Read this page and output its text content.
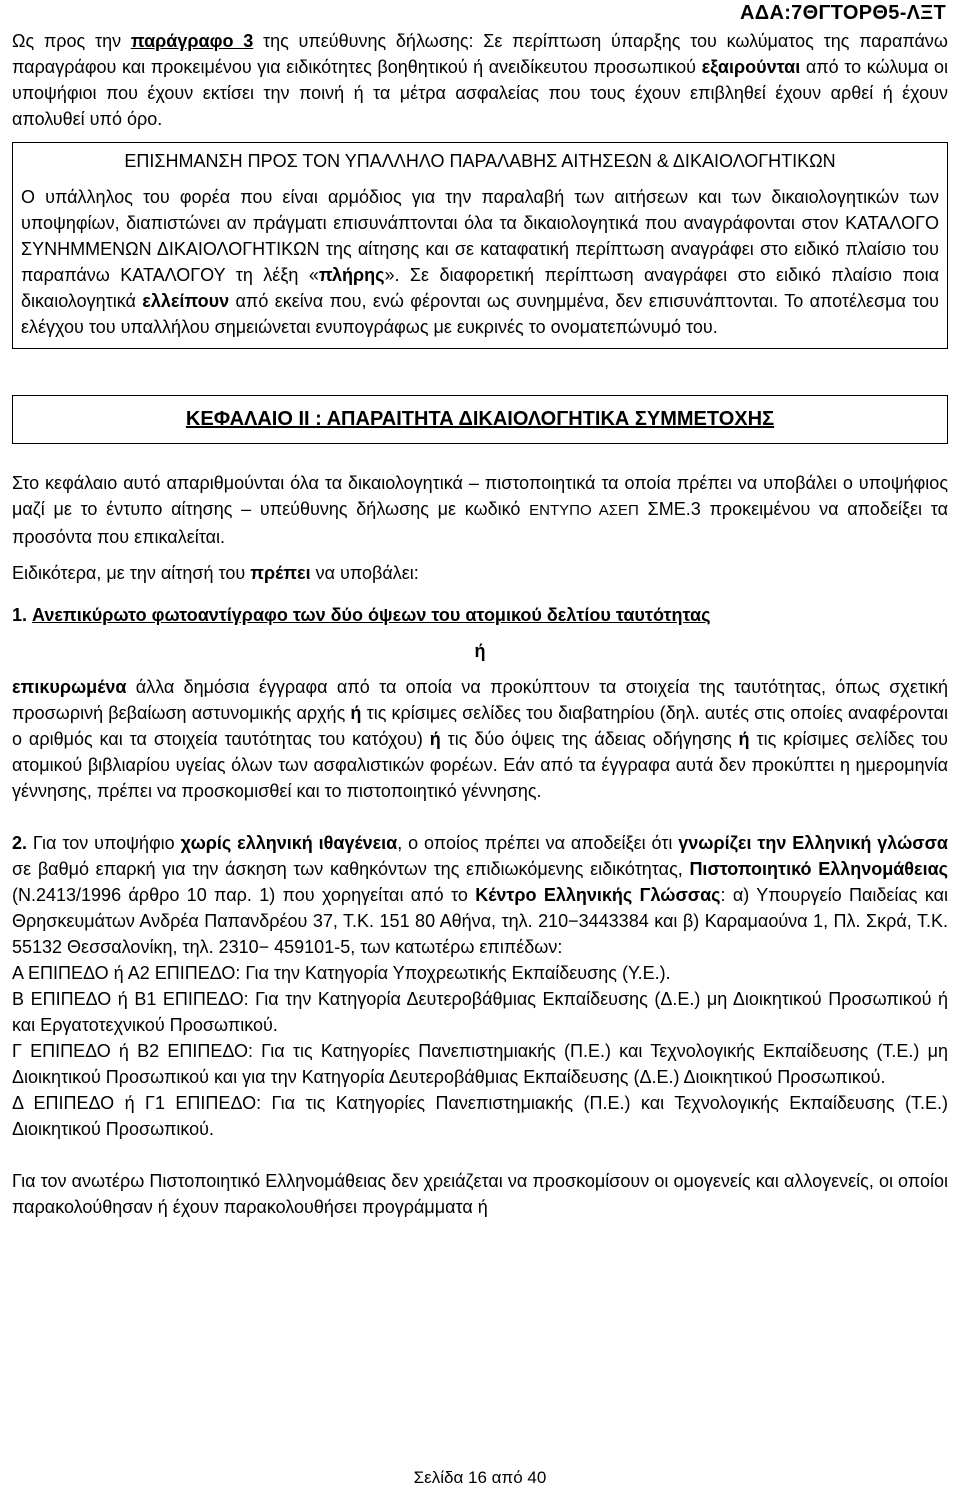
ΑΔΑ:7ΘΓΤΟΡΘ5-ΛΞΤ

Ως προς την παράγραφο 3 της υπεύθυνης δήλωσης: Σε περίπτωση ύπαρξης του κωλύματος της παραπάνω παραγράφου και προκειμένου για ειδικότητες βοηθητικού ή ανειδίκευτου προσωπικού εξαιρούνται από το κώλυμα οι υποψήφιοι που έχουν εκτίσει την ποινή ή τα μέτρα ασφαλείας που τους έχουν επιβληθεί έχουν αρθεί ή έχουν απολυθεί υπό όρο.

ΕΠΙΣΗΜΑΝΣΗ ΠΡΟΣ ΤΟΝ ΥΠΑΛΛΗΛΟ ΠΑΡΑΛΑΒΗΣ ΑΙΤΗΣΕΩΝ & ΔΙΚΑΙΟΛΟΓΗΤΙΚΩΝ

Ο υπάλληλος του φορέα που είναι αρμόδιος για την παραλαβή των αιτήσεων και των δικαιολογητικών των υποψηφίων, διαπιστώνει αν πράγματι επισυνάπτονται όλα τα δικαιολογητικά που αναγράφονται στον ΚΑΤΑΛΟΓΟ ΣΥΝΗΜΜΕΝΩΝ ΔΙΚΑΙΟΛΟΓΗΤΙΚΩΝ της αίτησης και σε καταφατική περίπτωση αναγράφει στο ειδικό πλαίσιο του παραπάνω ΚΑΤΑΛΟΓΟΥ τη λέξη «πλήρης». Σε διαφορετική περίπτωση αναγράφει στο ειδικό πλαίσιο ποια δικαιολογητικά ελλείπουν από εκείνα που, ενώ φέρονται ως συνημμένα, δεν επισυνάπτονται. Το αποτέλεσμα του ελέγχου του υπαλλήλου σημειώνεται ενυπογράφως με ευκρινές το ονοματεπώνυμό του.

ΚΕΦΑΛΑΙΟ ΙΙ : ΑΠΑΡΑΙΤΗΤΑ ΔΙΚΑΙΟΛΟΓΗΤΙΚΑ ΣΥΜΜΕΤΟΧΗΣ

Στο κεφάλαιο αυτό απαριθμούνται όλα τα δικαιολογητικά – πιστοποιητικά τα οποία πρέπει να υποβάλει ο υποψήφιος μαζί με το έντυπο αίτησης – υπεύθυνης δήλωσης με κωδικό ΕΝΤΥΠΟ ΑΣΕΠ ΣΜΕ.3 προκειμένου να αποδείξει τα προσόντα που επικαλείται.

Ειδικότερα, με την αίτησή του πρέπει να υποβάλει:

1. Ανεπικύρωτο φωτοαντίγραφο των δύο όψεων του ατομικού δελτίου ταυτότητας

ή

επικυρωμένα άλλα δημόσια έγγραφα από τα οποία να προκύπτουν τα στοιχεία της ταυτότητας, όπως σχετική προσωρινή βεβαίωση αστυνομικής αρχής ή τις κρίσιμες σελίδες του διαβατηρίου (δηλ. αυτές στις οποίες αναφέρονται ο αριθμός και τα στοιχεία ταυτότητας του κατόχου) ή τις δύο όψεις της άδειας οδήγησης ή τις κρίσιμες σελίδες του ατομικού βιβλιαρίου υγείας όλων των ασφαλιστικών φορέων. Εάν από τα έγγραφα αυτά δεν προκύπτει η ημερομηνία γέννησης, πρέπει να προσκομισθεί και το πιστοποιητικό γέννησης.

2. Για τον υποψήφιο χωρίς ελληνική ιθαγένεια, ο οποίος πρέπει να αποδείξει ότι γνωρίζει την Ελληνική γλώσσα σε βαθμό επαρκή για την άσκηση των καθηκόντων της επιδιωκόμενης ειδικότητας, Πιστοποιητικό Ελληνομάθειας (Ν.2413/1996 άρθρο 10 παρ. 1) που χορηγείται από το Κέντρο Ελληνικής Γλώσσας: α) Υπουργείο Παιδείας και Θρησκευμάτων Ανδρέα Παπανδρέου 37, Τ.Κ. 151 80 Αθήνα, τηλ. 210−3443384 και β) Καραμαούνα 1, Πλ. Σκρά, Τ.Κ. 55132 Θεσσαλονίκη, τηλ. 2310− 459101-5, των κατωτέρω επιπέδων:

Α ΕΠΙΠΕΔΟ ή Α2 ΕΠΙΠΕΔΟ: Για την Κατηγορία Υποχρεωτικής Εκπαίδευσης (Υ.Ε.).

Β ΕΠΙΠΕΔΟ ή Β1 ΕΠΙΠΕΔΟ: Για την Κατηγορία Δευτεροβάθμιας Εκπαίδευσης (Δ.Ε.) μη Διοικητικού Προσωπικού ή και Εργατοτεχνικού Προσωπικού.

Γ ΕΠΙΠΕΔΟ ή Β2 ΕΠΙΠΕΔΟ: Για τις Κατηγορίες Πανεπιστημιακής (Π.Ε.) και Τεχνολογικής Εκπαίδευσης (Τ.Ε.) μη Διοικητικού Προσωπικού και για την Κατηγορία Δευτεροβάθμιας Εκπαίδευσης (Δ.Ε.) Διοικητικού Προσωπικού.

Δ ΕΠΙΠΕΔΟ ή Γ1 ΕΠΙΠΕΔΟ: Για τις Κατηγορίες Πανεπιστημιακής (Π.Ε.) και Τεχνολογικής Εκπαίδευσης (Τ.Ε.) Διοικητικού Προσωπικού.

Για τον ανωτέρω Πιστοποιητικό Ελληνομάθειας δεν χρειάζεται να προσκομίσουν οι ομογενείς και αλλογενείς, οι οποίοι παρακολούθησαν ή έχουν παρακολουθήσει προγράμματα ή

Σελίδα 16 από 40
